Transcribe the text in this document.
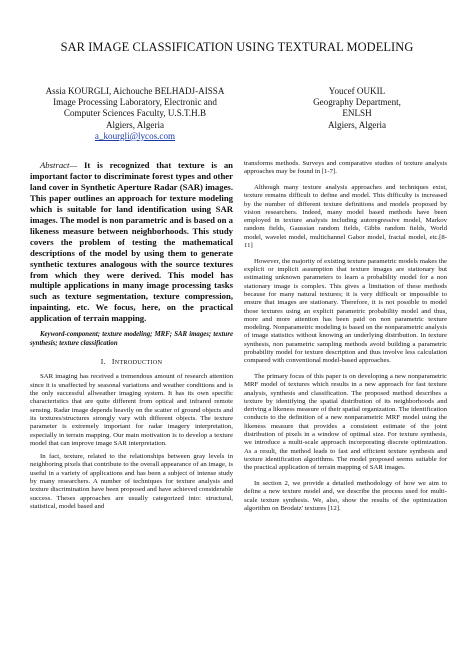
SAR IMAGE CLASSIFICATION USING TEXTURAL MODELING
Assia KOURGLI, Aichouche BELHADJ-AISSA
Image Processing Laboratory, Electronic and
Computer Sciences Faculty, U.S.T.H.B
Algiers, Algeria
a_kourgli@lycos.com
Youcef OUKIL
Geography Department,
ENLSH
Algiers, Algeria

Abstract— It is recognized that texture is an important factor to discriminate forest types and other land cover in Synthetic Aperture Radar (SAR) images. This paper outlines an approach for texture modeling which is suitable for land identification using SAR images. The model is non parametric and is based on a likeness measure between neighborhoods. This study covers the problem of testing the mathematical descriptions of the model by using them to generate synthetic textures analogous with the source textures from which they were derived. This model has multiple applications in many image processing tasks such as texture segmentation, texture compression, inpainting, etc. We focus, here, on the practical application of terrain mapping.

Keyword-component; texture modeling; MRF; SAR images; texture synthesis; texture classification

I. INTRODUCTION

SAR imaging has received a tremendous amount of research attention since it is unaffected by seasonal variations and weather conditions and is the only successful allweather imaging system. It has its own specific characteristics that are quite different from optical and infrared remote sensing. Radar image depends heavily on the scatter of ground objects and its textures/structures strongly vary with different objects. The texture parameter is extremely important for radar imagery interpretation, especially in terrain mapping. Our main motivation is to develop a texture model that can improve image SAR interpretation.

In fact, texture, related to the relationships between gray levels in neighboring pixels that contribute to the overall appearance of an image, is useful in a variety of applications and has been a subject of intense study by many researchers. A number of techniques for texture analysis and texture discrimination have been proposed and have achieved considerable success. Theses approaches are usually categorized into: structural, statistical, model based and

transforms methods. Surveys and comparative studies of texture analysis approaches may be found in [1-7].

Although many texture analysis approaches and techniques exist, texture remains difficult to define and model. This difficulty is increased by the number of different texture definitions and models proposed by vision researchers. Indeed, many model based methods have been employed in texture analysis including autoregressive model, Markov random fields, Gaussian random fields, Gibbs random fields, World model, wavelet model, multichannel Gabor model, fractal model, etc.[8-11]

However, the majority of existing texture parametric models makes the explicit or implicit assumption that texture images are stationary but estimating unknown parameters to learn a probability model for a non stationary image is complex. This gives a limitation of these methods because for many natural textures; it is very difficult or impossible to ensure that images are stationary. Therefore, it is not possible to model those textures using an explicit parametric probability model and thus, more and more attention has been paid on non parametric texture modeling. Nonparametric modeling is based on the nonparametric analysis of image statistics without knowing an underlying distribution. In texture synthesis, non parametric sampling methods avoid building a parametric probability model for texture description and thus involve less calculation compared with conventional model-based approaches.

The primary focus of this paper is on developing a new nonparametric MRF model of textures which results in a new approach for fast texture analysis, synthesis and classification. The proposed method describes a texture by identifying the spatial distribution of its neighborhoods and deriving a likeness measure of their spatial organization. The identification conducts to the definition of a new nonparametric MRF model using the likeness measure that provides a consistent estimate of the joint distribution of pixels in a window of optimal size. For texture synthesis, we introduce a multi-scale approach incorporating discrete optimization. As a result, the method leads to fast and efficient texture synthesis and texture identification algorithms. The model proposed seems suitable for the practical application of terrain mapping of SAR images.

In section 2, we provide a detailed methodology of how we aim to define a new texture model and, we describe the process used for multi-scale texture synthesis. We, also, show the results of the optimization algorithm on Brodatz' textures [12].
